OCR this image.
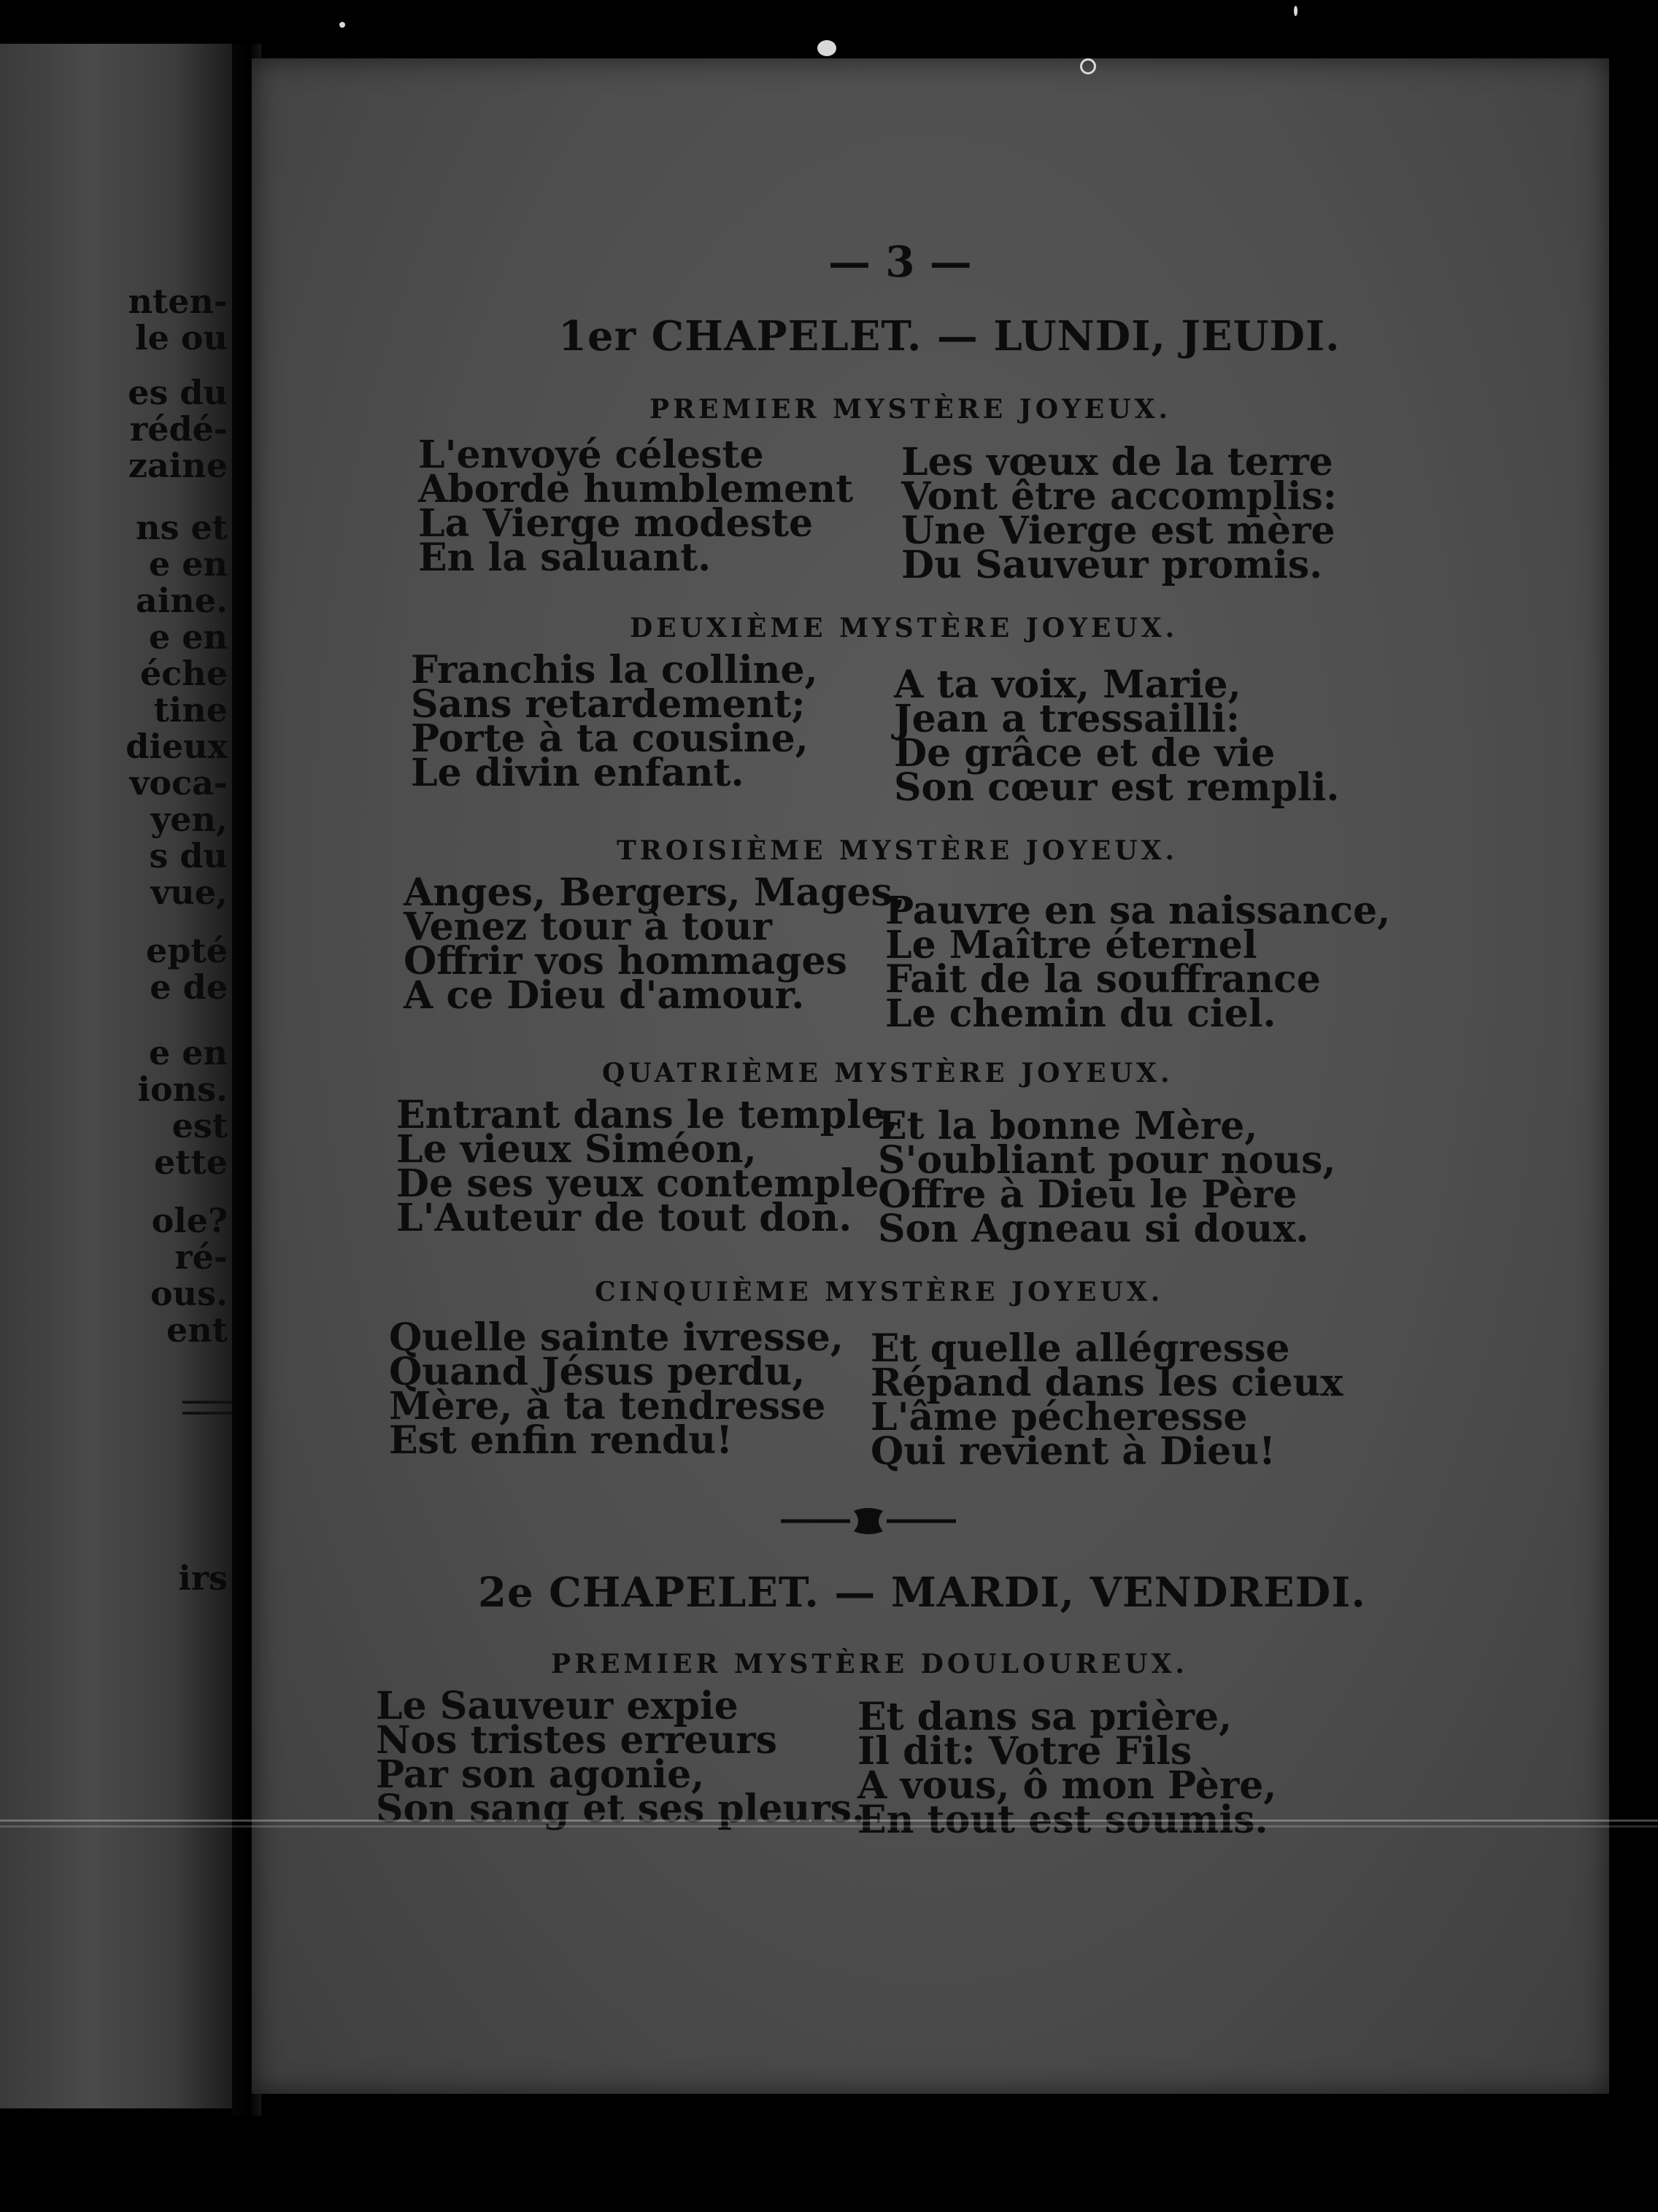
nten-
le ou
es du
rédé-
zaine
ns et
e en
aine.
e en
éche
tine
dieux
voca-
yen,
s du
vue,
epté
e de
e en
ions.
est
ette
ole?
ré-
ous.
ent
irs
— 3 —
1er CHAPELET. — LUNDI, JEUDI.
PREMIER MYSTÈRE JOYEUX.
L'envoyé céleste
Aborde humblement
La Vierge modeste
En la saluant.
Les vœux de la terre
Vont être accomplis:
Une Vierge est mère
Du Sauveur promis.
DEUXIÈME MYSTÈRE JOYEUX.
Franchis la colline,
Sans retardement;
Porte à ta cousine,
Le divin enfant.
A ta voix, Marie,
Jean a tressailli:
De grâce et de vie
Son cœur est rempli.
TROISIÈME MYSTÈRE JOYEUX.
Anges, Bergers, Mages,
Venez tour à tour
Offrir vos hommages
A ce Dieu d'amour.
Pauvre en sa naissance,
Le Maître éternel
Fait de la souffrance
Le chemin du ciel.
QUATRIÈME MYSTÈRE JOYEUX.
Entrant dans le temple,
Le vieux Siméon,
De ses yeux contemple
L'Auteur de tout don.
Et la bonne Mère,
S'oubliant pour nous,
Offre à Dieu le Père
Son Agneau si doux.
CINQUIÈME MYSTÈRE JOYEUX.
Quelle sainte ivresse,
Quand Jésus perdu,
Mère, à ta tendresse
Est enfin rendu!
Et quelle allégresse
Répand dans les cieux
L'âme pécheresse
Qui revient à Dieu!
2e CHAPELET. — MARDI, VENDREDI.
PREMIER MYSTÈRE DOULOUREUX.
Le Sauveur expie
Nos tristes erreurs
Par son agonie,
Son sang et ses pleurs.
Et dans sa prière,
Il dit: Votre Fils
A vous, ô mon Père,
En tout est soumis.
